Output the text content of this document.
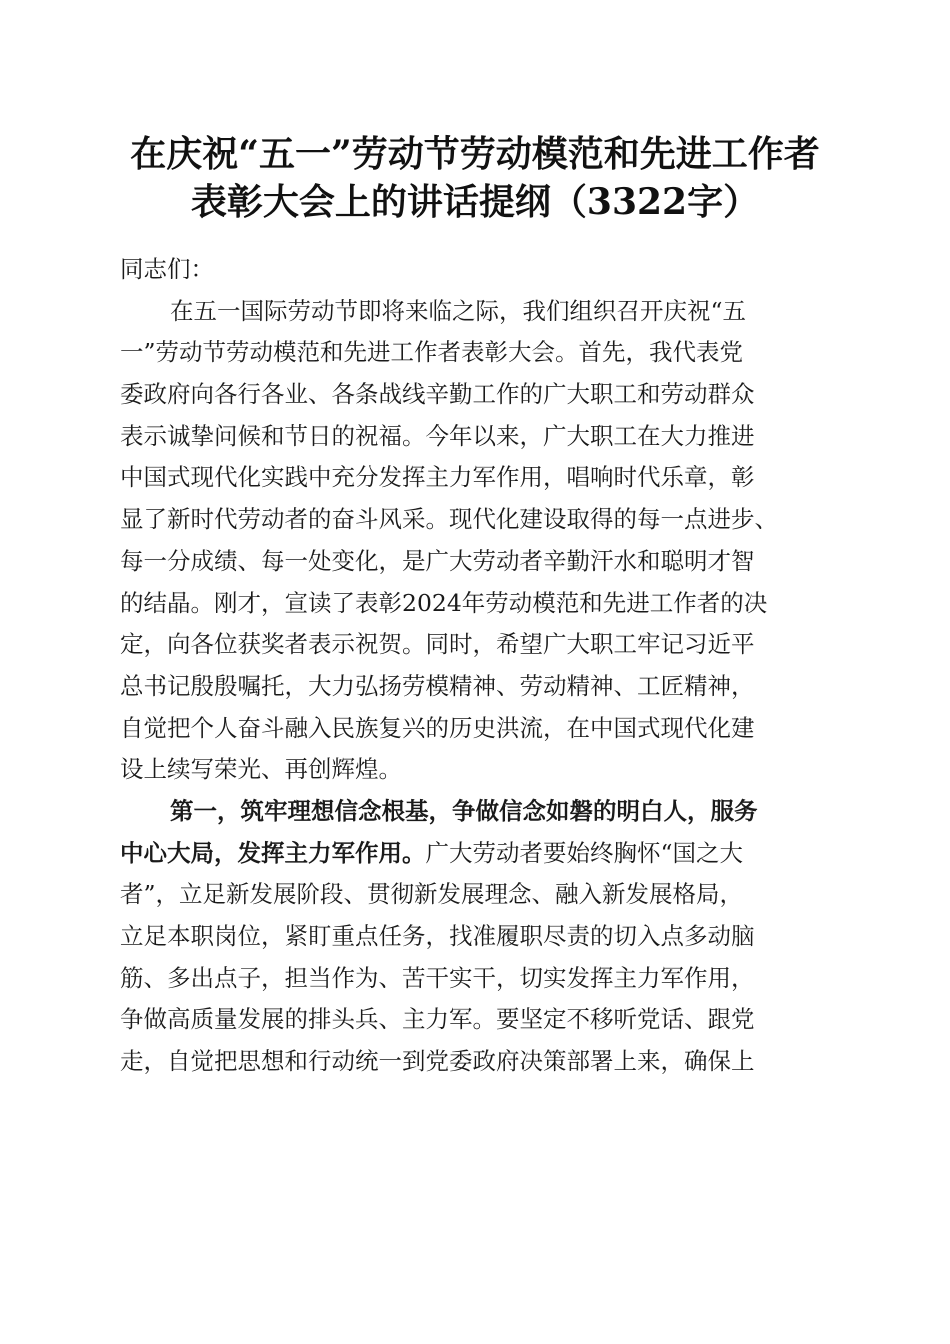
在庆祝“五一”劳动节劳动模范和先进工作者
表彰大会上的讲话提纲（3322字）
同志们：
在五一国际劳动节即将来临之际，我们组织召开庆祝“五
一”劳动节劳动模范和先进工作者表彰大会。首先，我代表党
委政府向各行各业、各条战线辛勤工作的广大职工和劳动群众
表示诚挚问候和节日的祝福。今年以来，广大职工在大力推进
中国式现代化实践中充分发挥主力军作用，唱响时代乐章，彰
显了新时代劳动者的奋斗风采。现代化建设取得的每一点进步、
每一分成绩、每一处变化，是广大劳动者辛勤汗水和聪明才智
的结晶。刚才，宣读了表彰2024年劳动模范和先进工作者的决
定，向各位获奖者表示祝贺。同时，希望广大职工牢记习近平
总书记殷殷嘱托，大力弘扬劳模精神、劳动精神、工匠精神，
自觉把个人奋斗融入民族复兴的历史洪流，在中国式现代化建
设上续写荣光、再创辉煌。
第一，筑牢理想信念根基，争做信念如磐的明白人，服务
中心大局，发挥主力军作用。广大劳动者要始终胸怀“国之大
者”，立足新发展阶段、贯彻新发展理念、融入新发展格局，
立足本职岗位，紧盯重点任务，找准履职尽责的切入点多动脑
筋、多出点子，担当作为、苦干实干，切实发挥主力军作用，
争做高质量发展的排头兵、主力军。要坚定不移听党话、跟党
走，自觉把思想和行动统一到党委政府决策部署上来，确保上
